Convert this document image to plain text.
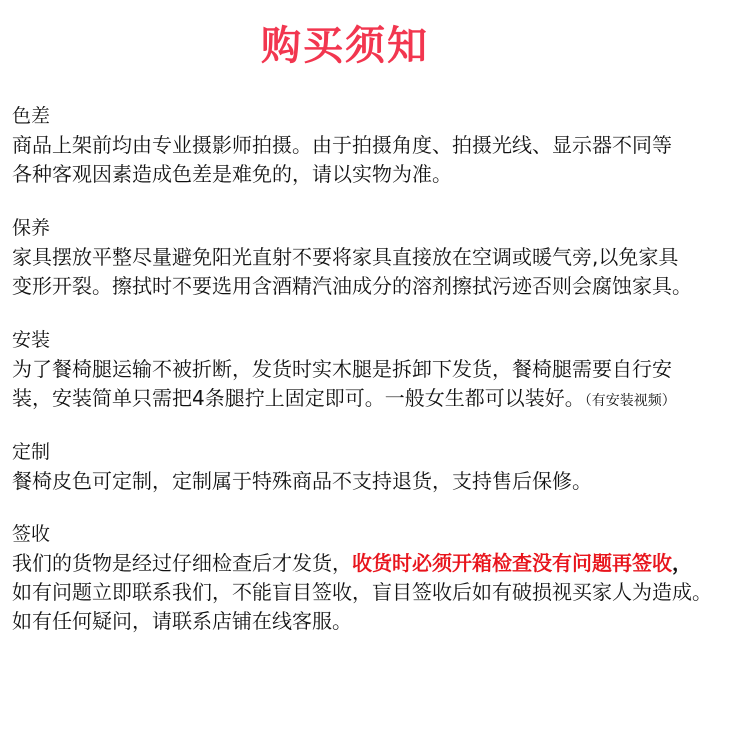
购买须知
色差
商品上架前均由专业摄影师拍摄。由于拍摄角度、拍摄光线、显示器不同等
各种客观因素造成色差是难免的，请以实物为准。
保养
家具摆放平整尽量避免阳光直射不要将家具直接放在空调或暖气旁,以免家具
变形开裂。擦拭时不要选用含酒精汽油成分的溶剂擦拭污迹否则会腐蚀家具。
安装
为了餐椅腿运输不被折断，发货时实木腿是拆卸下发货，餐椅腿需要自行安
装，安装简单只需把4条腿拧上固定即可。一般女生都可以装好。（有安装视频）
定制
餐椅皮色可定制，定制属于特殊商品不支持退货，支持售后保修。
签收
我们的货物是经过仔细检查后才发货，收货时必须开箱检查没有问题再签收，
如有问题立即联系我们，不能盲目签收，盲目签收后如有破损视买家人为造成。
如有任何疑问，请联系店铺在线客服。
